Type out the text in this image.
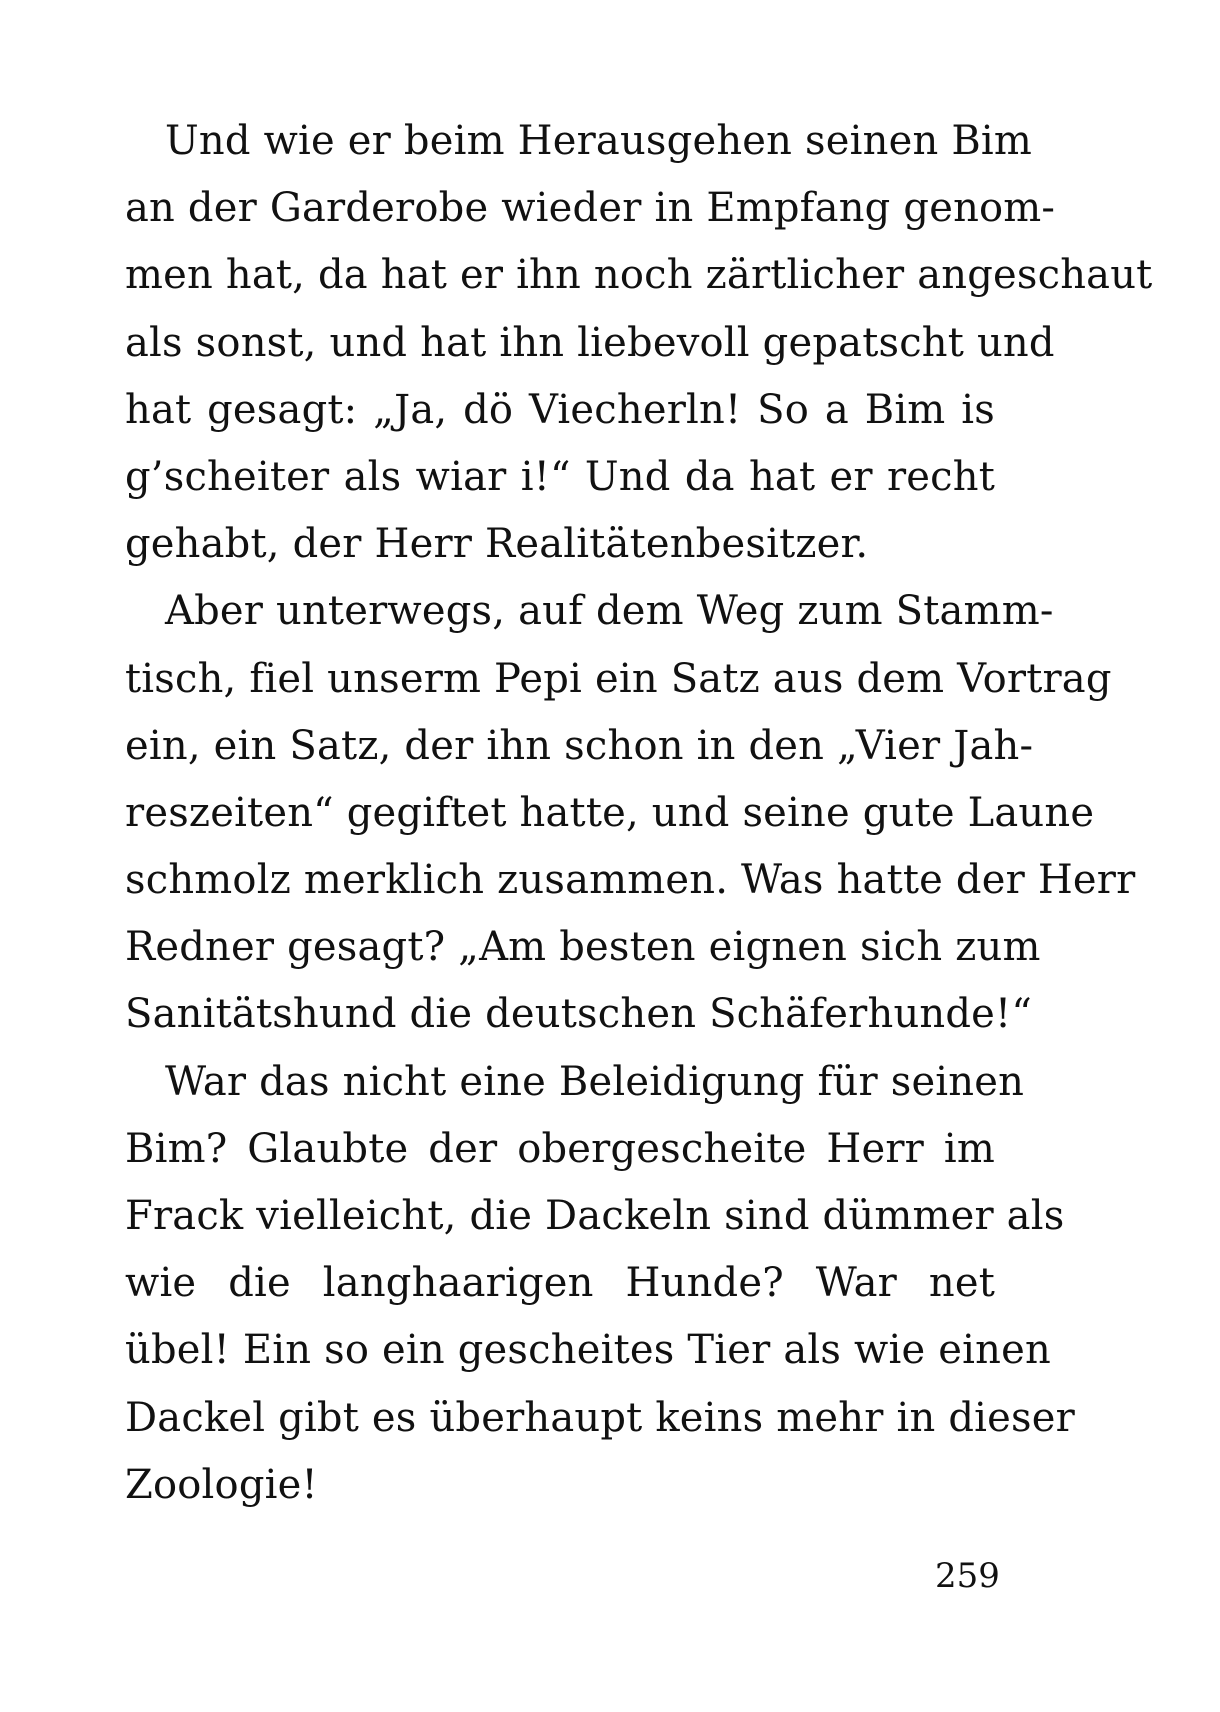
Und wie er beim Herausgehen seinen Bim
an der Garderobe wieder in Empfang genom-
men hat, da hat er ihn noch zärtlicher angeschaut
als sonst, und hat ihn liebevoll gepatscht und
hat gesagt: „Ja, dö Viecherln! So a Bim is
g’scheiter als wiar i!“ Und da hat er recht
gehabt, der Herr Realitätenbesitzer.
Aber unterwegs, auf dem Weg zum Stamm-
tisch, fiel unserm Pepi ein Satz aus dem Vortrag
ein, ein Satz, der ihn schon in den „Vier Jah-
reszeiten“ gegiftet hatte, und seine gute Laune
schmolz merklich zusammen. Was hatte der Herr
Redner gesagt? „Am besten eignen sich zum
Sanitätshund die deutschen Schäferhunde!“
War das nicht eine Beleidigung für seinen
Bim? Glaubte der obergescheite Herr im
Frack vielleicht, die Dackeln sind dümmer als
wie die langhaarigen Hunde? War net
übel! Ein so ein gescheites Tier als wie einen
Dackel gibt es überhaupt keins mehr in dieser
Zoologie!
259
